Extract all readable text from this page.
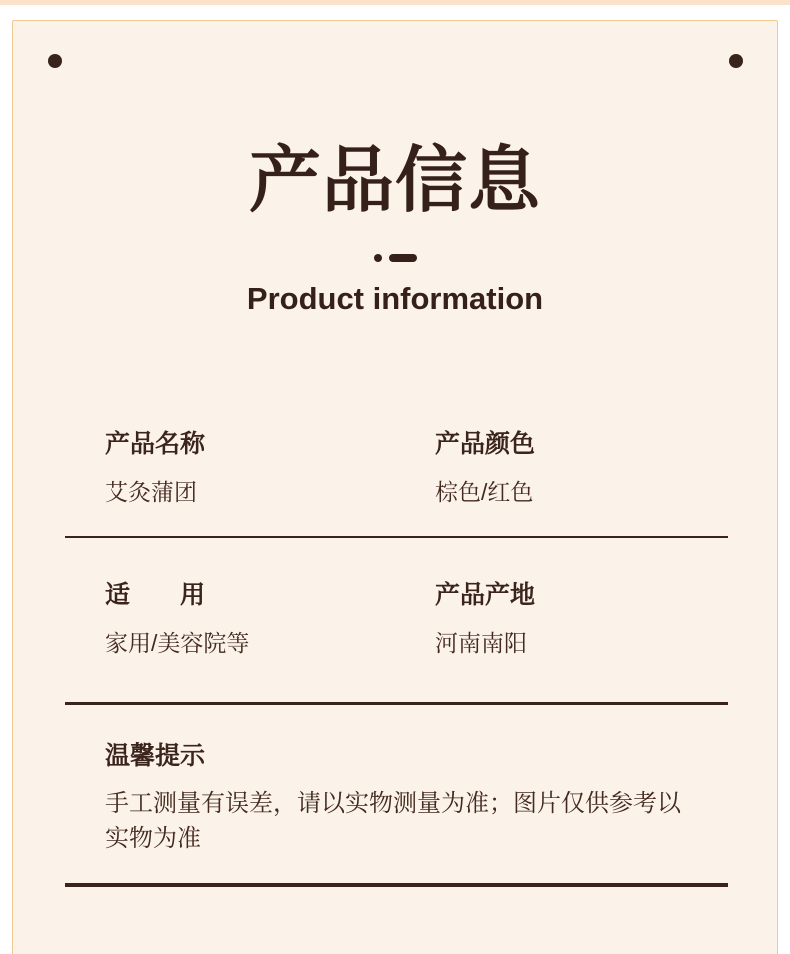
产品信息
Product information
产品名称
艾灸蒲团
产品颜色
棕色/红色
适　　用
家用/美容院等
产品产地
河南南阳
温馨提示
手工测量有误差，请以实物测量为准；图片仅供参考以实物为准
